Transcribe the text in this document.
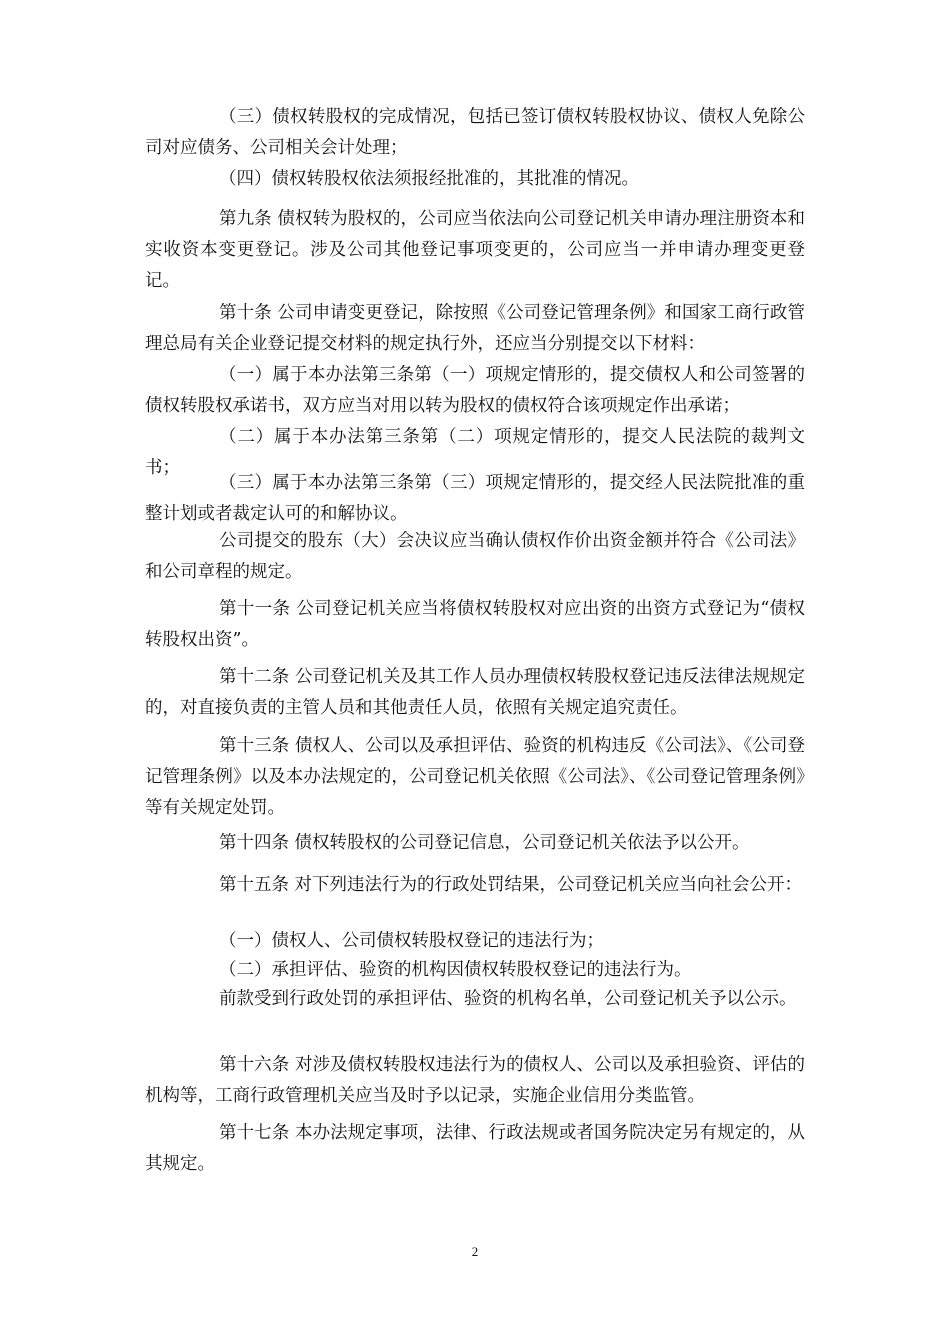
（三）债权转股权的完成情况，包括已签订债权转股权协议、债权人免除公司对应债务、公司相关会计处理；

（四）债权转股权依法须报经批准的，其批准的情况。

第九条 债权转为股权的，公司应当依法向公司登记机关申请办理注册资本和实收资本变更登记。涉及公司其他登记事项变更的，公司应当一并申请办理变更登记。

第十条 公司申请变更登记，除按照《公司登记管理条例》和国家工商行政管理总局有关企业登记提交材料的规定执行外，还应当分别提交以下材料：

（一）属于本办法第三条第（一）项规定情形的，提交债权人和公司签署的债权转股权承诺书，双方应当对用以转为股权的债权符合该项规定作出承诺；

（二）属于本办法第三条第（二）项规定情形的，提交人民法院的裁判文书；

（三）属于本办法第三条第（三）项规定情形的，提交经人民法院批准的重整计划或者裁定认可的和解协议。

公司提交的股东（大）会决议应当确认债权作价出资金额并符合《公司法》和公司章程的规定。

第十一条 公司登记机关应当将债权转股权对应出资的出资方式登记为“债权转股权出资”。

第十二条 公司登记机关及其工作人员办理债权转股权登记违反法律法规规定的，对直接负责的主管人员和其他责任人员，依照有关规定追究责任。

第十三条 债权人、公司以及承担评估、验资的机构违反《公司法》、《公司登记管理条例》以及本办法规定的，公司登记机关依照《公司法》、《公司登记管理条例》等有关规定处罚。

第十四条 债权转股权的公司登记信息，公司登记机关依法予以公开。

第十五条 对下列违法行为的行政处罚结果，公司登记机关应当向社会公开：

（一）债权人、公司债权转股权登记的违法行为；

（二）承担评估、验资的机构因债权转股权登记的违法行为。

前款受到行政处罚的承担评估、验资的机构名单，公司登记机关予以公示。

第十六条 对涉及债权转股权违法行为的债权人、公司以及承担验资、评估的机构等，工商行政管理机关应当及时予以记录，实施企业信用分类监管。

第十七条 本办法规定事项，法律、行政法规或者国务院决定另有规定的，从其规定。

2
